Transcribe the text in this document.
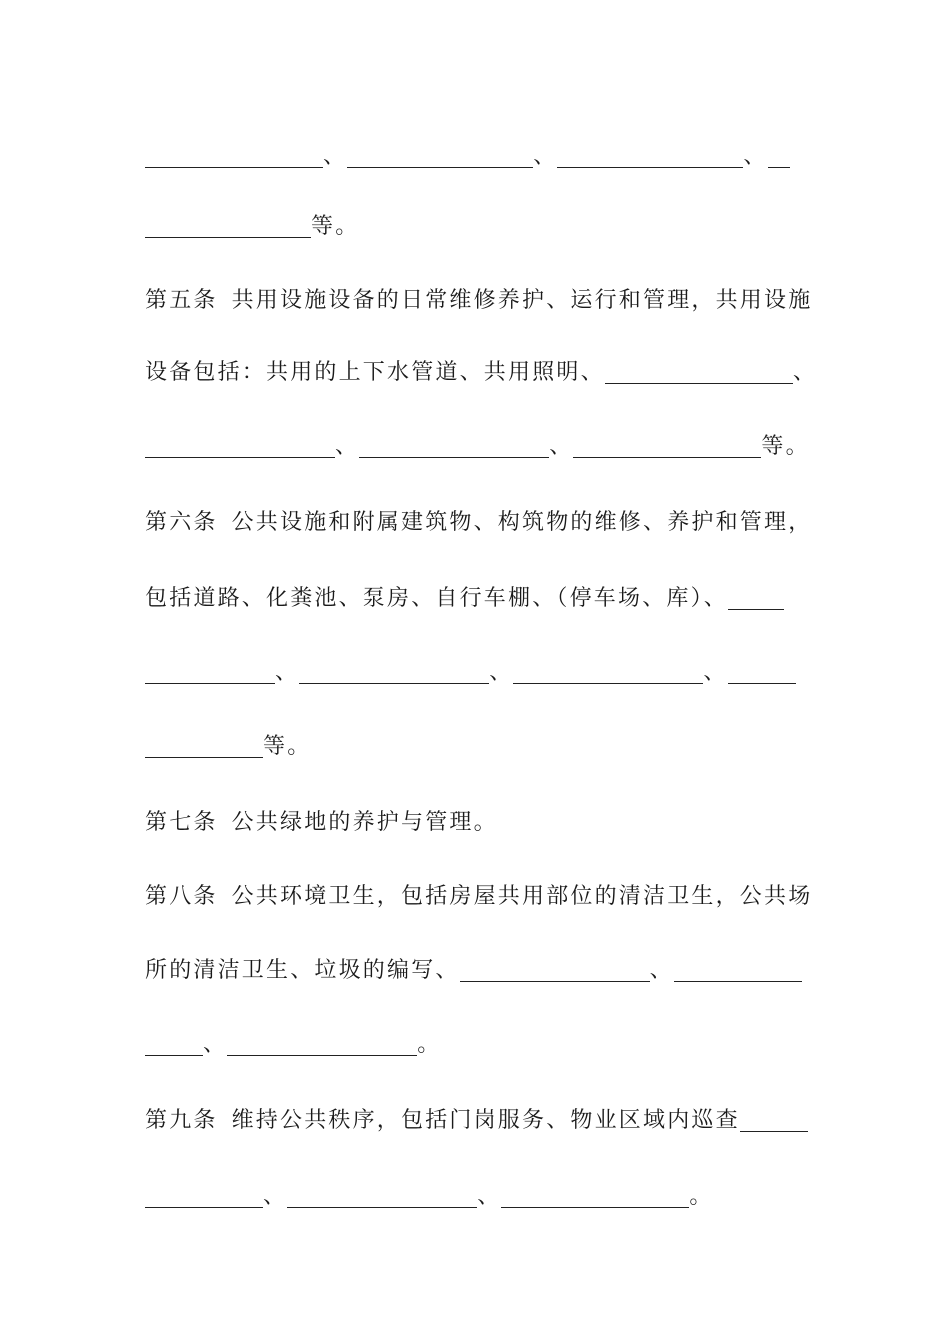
、	、	、
等。
第五条 共用设施设备的日常维修养护、运行和管理，共用设施
设备包括：共用的上下水管道、共用照明、	、
、	、	等。
第六条 公共设施和附属建筑物、构筑物的维修、养护和管理，
包括道路、化粪池、泵房、自行车棚、（停车场、库）、
、	、	、
等。
第七条 公共绿地的养护与管理。
第八条 公共环境卫生，包括房屋共用部位的清洁卫生，公共场
所的清洁卫生、垃圾的编写、	、
、	。
第九条 维持公共秩序，包括门岗服务、物业区域内巡查
、	、	。
